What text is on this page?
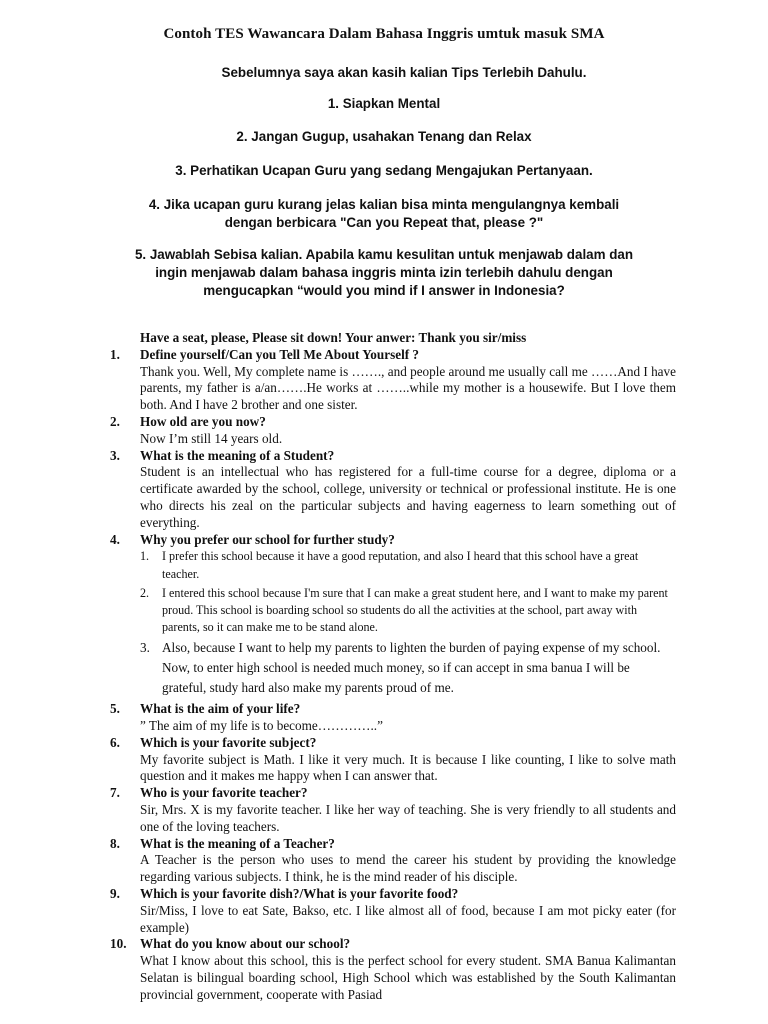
Contoh TES Wawancara Dalam Bahasa Inggris umtuk masuk SMA
Sebelumnya saya akan kasih kalian Tips Terlebih Dahulu.
1. Siapkan Mental
2. Jangan Gugup, usahakan Tenang dan Relax
3. Perhatikan Ucapan Guru yang sedang Mengajukan Pertanyaan.
4. Jika ucapan guru kurang jelas kalian bisa minta mengulangnya kembali
dengan berbicara "Can you Repeat that, please ?"
5. Jawablah Sebisa kalian. Apabila kamu kesulitan untuk menjawab dalam dan
ingin menjawab dalam bahasa inggris minta izin terlebih dahulu dengan
mengucapkan “would you mind if I answer in Indonesia?
Have a seat, please, Please sit down! Your anwer: Thank you sir/miss
1.	Define yourself/Can you Tell Me About Yourself ?
Thank you. Well, My complete name is ……., and people around me usually call me ……And I have parents, my father is a/an…….He works at ……..while my mother is a housewife. But I love them both. And I have 2 brother and one sister.
2.	How old are you now?
Now I’m still 14 years old.
3.	What is the meaning of a Student?
Student is an intellectual who has registered for a full-time course for a degree, diploma or a certificate awarded by the school, college, university or technical or professional institute. He is one who directs his zeal on the particular subjects and having eagerness to learn something out of everything.
4.	Why you prefer our school for further study?
1.	I prefer this school because it have a good reputation, and also I heard that this school have a great teacher.
2.	I entered this school because I'm sure that I can make a great student here, and I want to make my parent proud. This school is boarding school so students do all the activities at the school, part away with parents, so it can make me to be stand alone.
3. Also, because I want to help my parents to lighten the burden of paying expense of my school. Now, to enter high school is needed much money, so if can accept in sma banua I will be grateful, study hard also make my parents proud of me.
5.	What is the aim of your life?
” The aim of my life is to become…………..”
6.	Which is your favorite subject?
My favorite subject is Math. I like it very much. It is because I like counting, I like to solve math question and it makes me happy when I can answer that.
7.	Who is your favorite teacher?
Sir, Mrs. X is my favorite teacher. I like her way of teaching. She is very friendly to all students and one of the loving teachers.
8.	What is the meaning of a Teacher?
A Teacher is the person who uses to mend the career his student by providing the knowledge regarding various subjects. I think, he is the mind reader of his disciple.
9.	Which is your favorite dish?/What is your favorite food?
Sir/Miss, I love to eat Sate, Bakso, etc. I like almost all of food, because I am mot picky eater (for example)
10.	What do you know about our school?
What I know about this school, this is the perfect school for every student. SMA Banua Kalimantan Selatan is bilingual boarding school, High School which was established by the South Kalimantan provincial government, cooperate with Pasiad
